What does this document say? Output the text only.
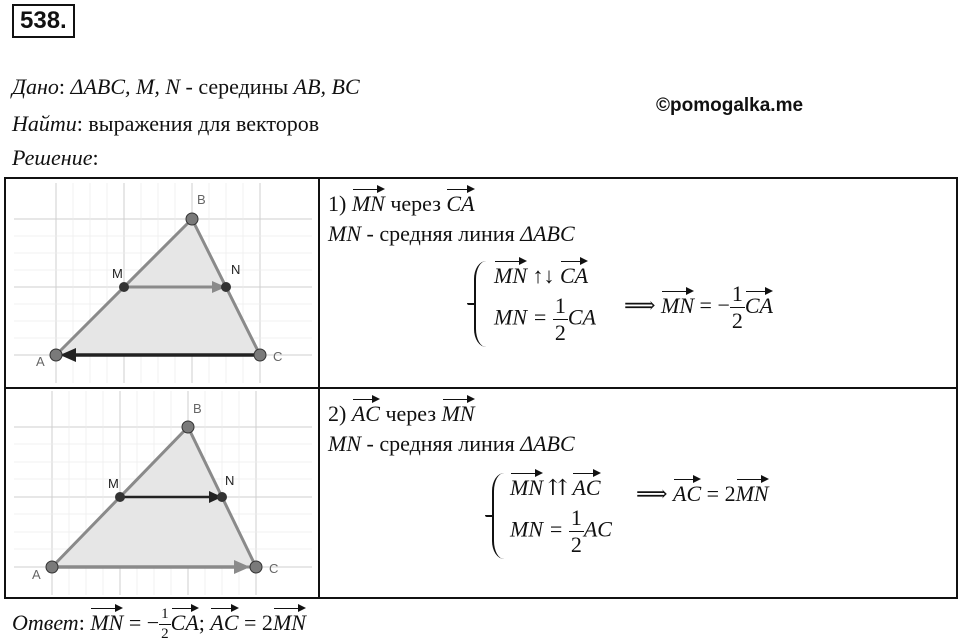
538.
Дано: ΔABC, M, N - середины AB, BC
©pomogalka.me
Найти: выражения для векторов
Решение:
A
B
C
M	N
1) MN через CA
MN - средняя линия ΔABC
MN ↑↓ CA
MN = $\frac{1}{2}$ CA ⟹ MN = − $\frac{1}{2}$ CA
A
B
C
M	N
2) AC через MN
MN - средняя линия ΔABC
MN ⇈ AC
MN = $\frac{1}{2}$ AC
⟹ AC = 2MN
Ответ: MN = − $\frac{1}{2}$ CA; AC = 2MN
